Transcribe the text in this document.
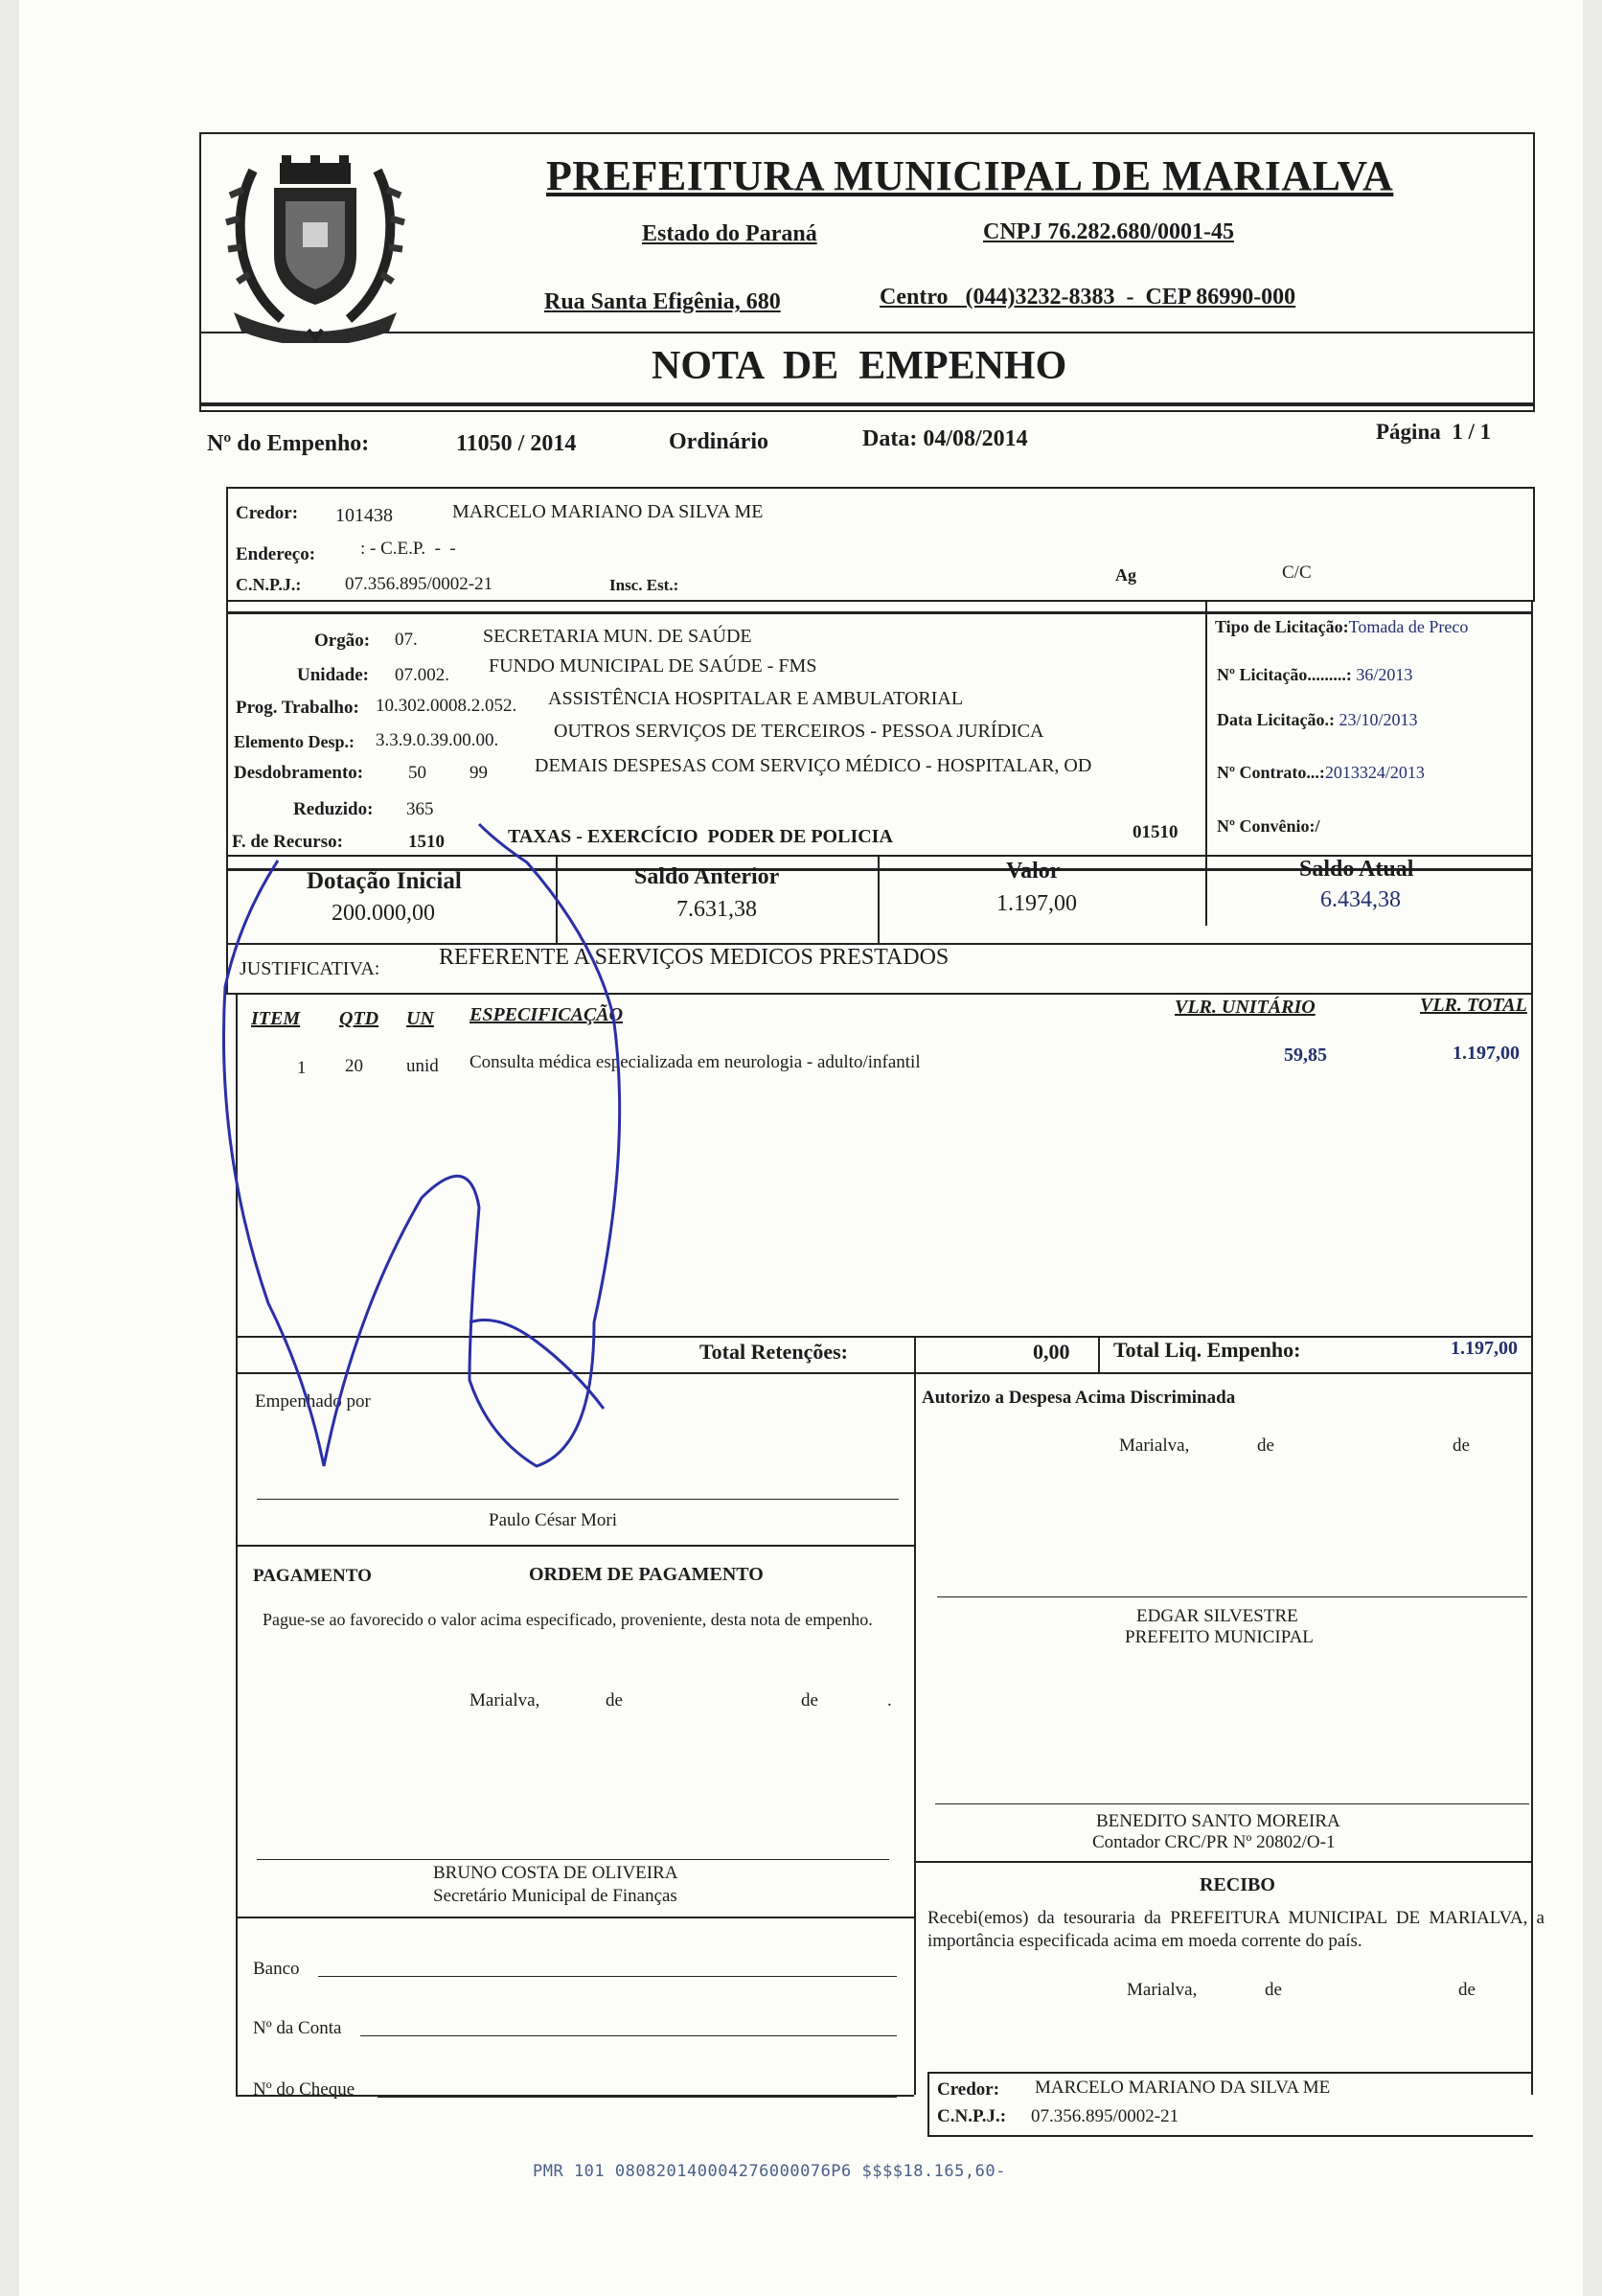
PREFEITURA MUNICIPAL DE MARIALVA
Estado do Paraná	CNPJ 76.282.680/0001-45
Rua Santa Efigênia, 680	Centro   (044)3232-8383  -  CEP 86990-000
NOTA  DE  EMPENHO
Nº do Empenho:	11050 / 2014	Ordinário	Data: 04/08/2014	Página  1 / 1
Credor: 101438	MARCELO MARIANO DA SILVA ME
Endereço: : - C.E.P.  -  -
C.N.P.J.: 07.356.895/0002-21	Insc. Est.:
Ag	C/C
Orgão: 07.	SECRETARIA MUN. DE SAÚDE
Unidade: 07.002. FUNDO MUNICIPAL DE SAÚDE - FMS
Prog. Trabalho: 10.302.0008.2.052. ASSISTÊNCIA HOSPITALAR E AMBULATORIAL
Elemento Desp.: 3.3.9.0.39.00.00.	OUTROS SERVIÇOS DE TERCEIROS - PESSOA JURÍDICA
Desdobramento: 50 99 DEMAIS DESPESAS COM SERVIÇO MÉDICO - HOSPITALAR, OD
Reduzido: 365
F. de Recurso:	1510	TAXAS - EXERCÍCIO  PODER DE POLICIA	01510
Tipo de Licitação:Tomada de Preco
Nº Licitação.........: 36/2013
Data Licitação.: 23/10/2013
Nº Contrato...:2013324/2013
Nº Convênio:/
Dotação Inicial
200.000,00
Saldo Anterior
7.631,38
Valor
1.197,00
Saldo Atual
6.434,38
JUSTIFICATIVA:	REFERENTE A SERVIÇOS MEDICOS PRESTADOS
ITEM QTD UN ESPECIFICAÇÃO	VLR. UNITÁRIO	VLR. TOTAL
1 20 unid Consulta médica especializada em neurologia - adulto/infantil	59,85	1.197,00
Total Retenções:	0,00 Total Liq. Empenho:	1.197,00
Empenhado por
Paulo César Mori
Autorizo a Despesa Acima Discriminada
Marialva,	de	de
EDGAR SILVESTRE
PREFEITO MUNICIPAL
PAGAMENTO	ORDEM DE PAGAMENTO
Pague-se ao favorecido o valor acima especificado, proveniente, desta nota de empenho.
Marialva,	de	de	.
BENEDITO SANTO MOREIRA
Contador CRC/PR Nº 20802/O-1
BRUNO COSTA DE OLIVEIRA
Secretário Municipal de Finanças
RECIBO
Recebi(emos) da tesouraria da PREFEITURA MUNICIPAL DE MARIALVA, a importância especificada acima em moeda corrente do país.
Marialva,	de	de
Banco
Nº da Conta
Nº do Cheque	Credor: MARCELO MARIANO DA SILVA ME
C.N.P.J.: 07.356.895/0002-21
PMR 101 080820140004276000076P6 $$$$18.165,60-
